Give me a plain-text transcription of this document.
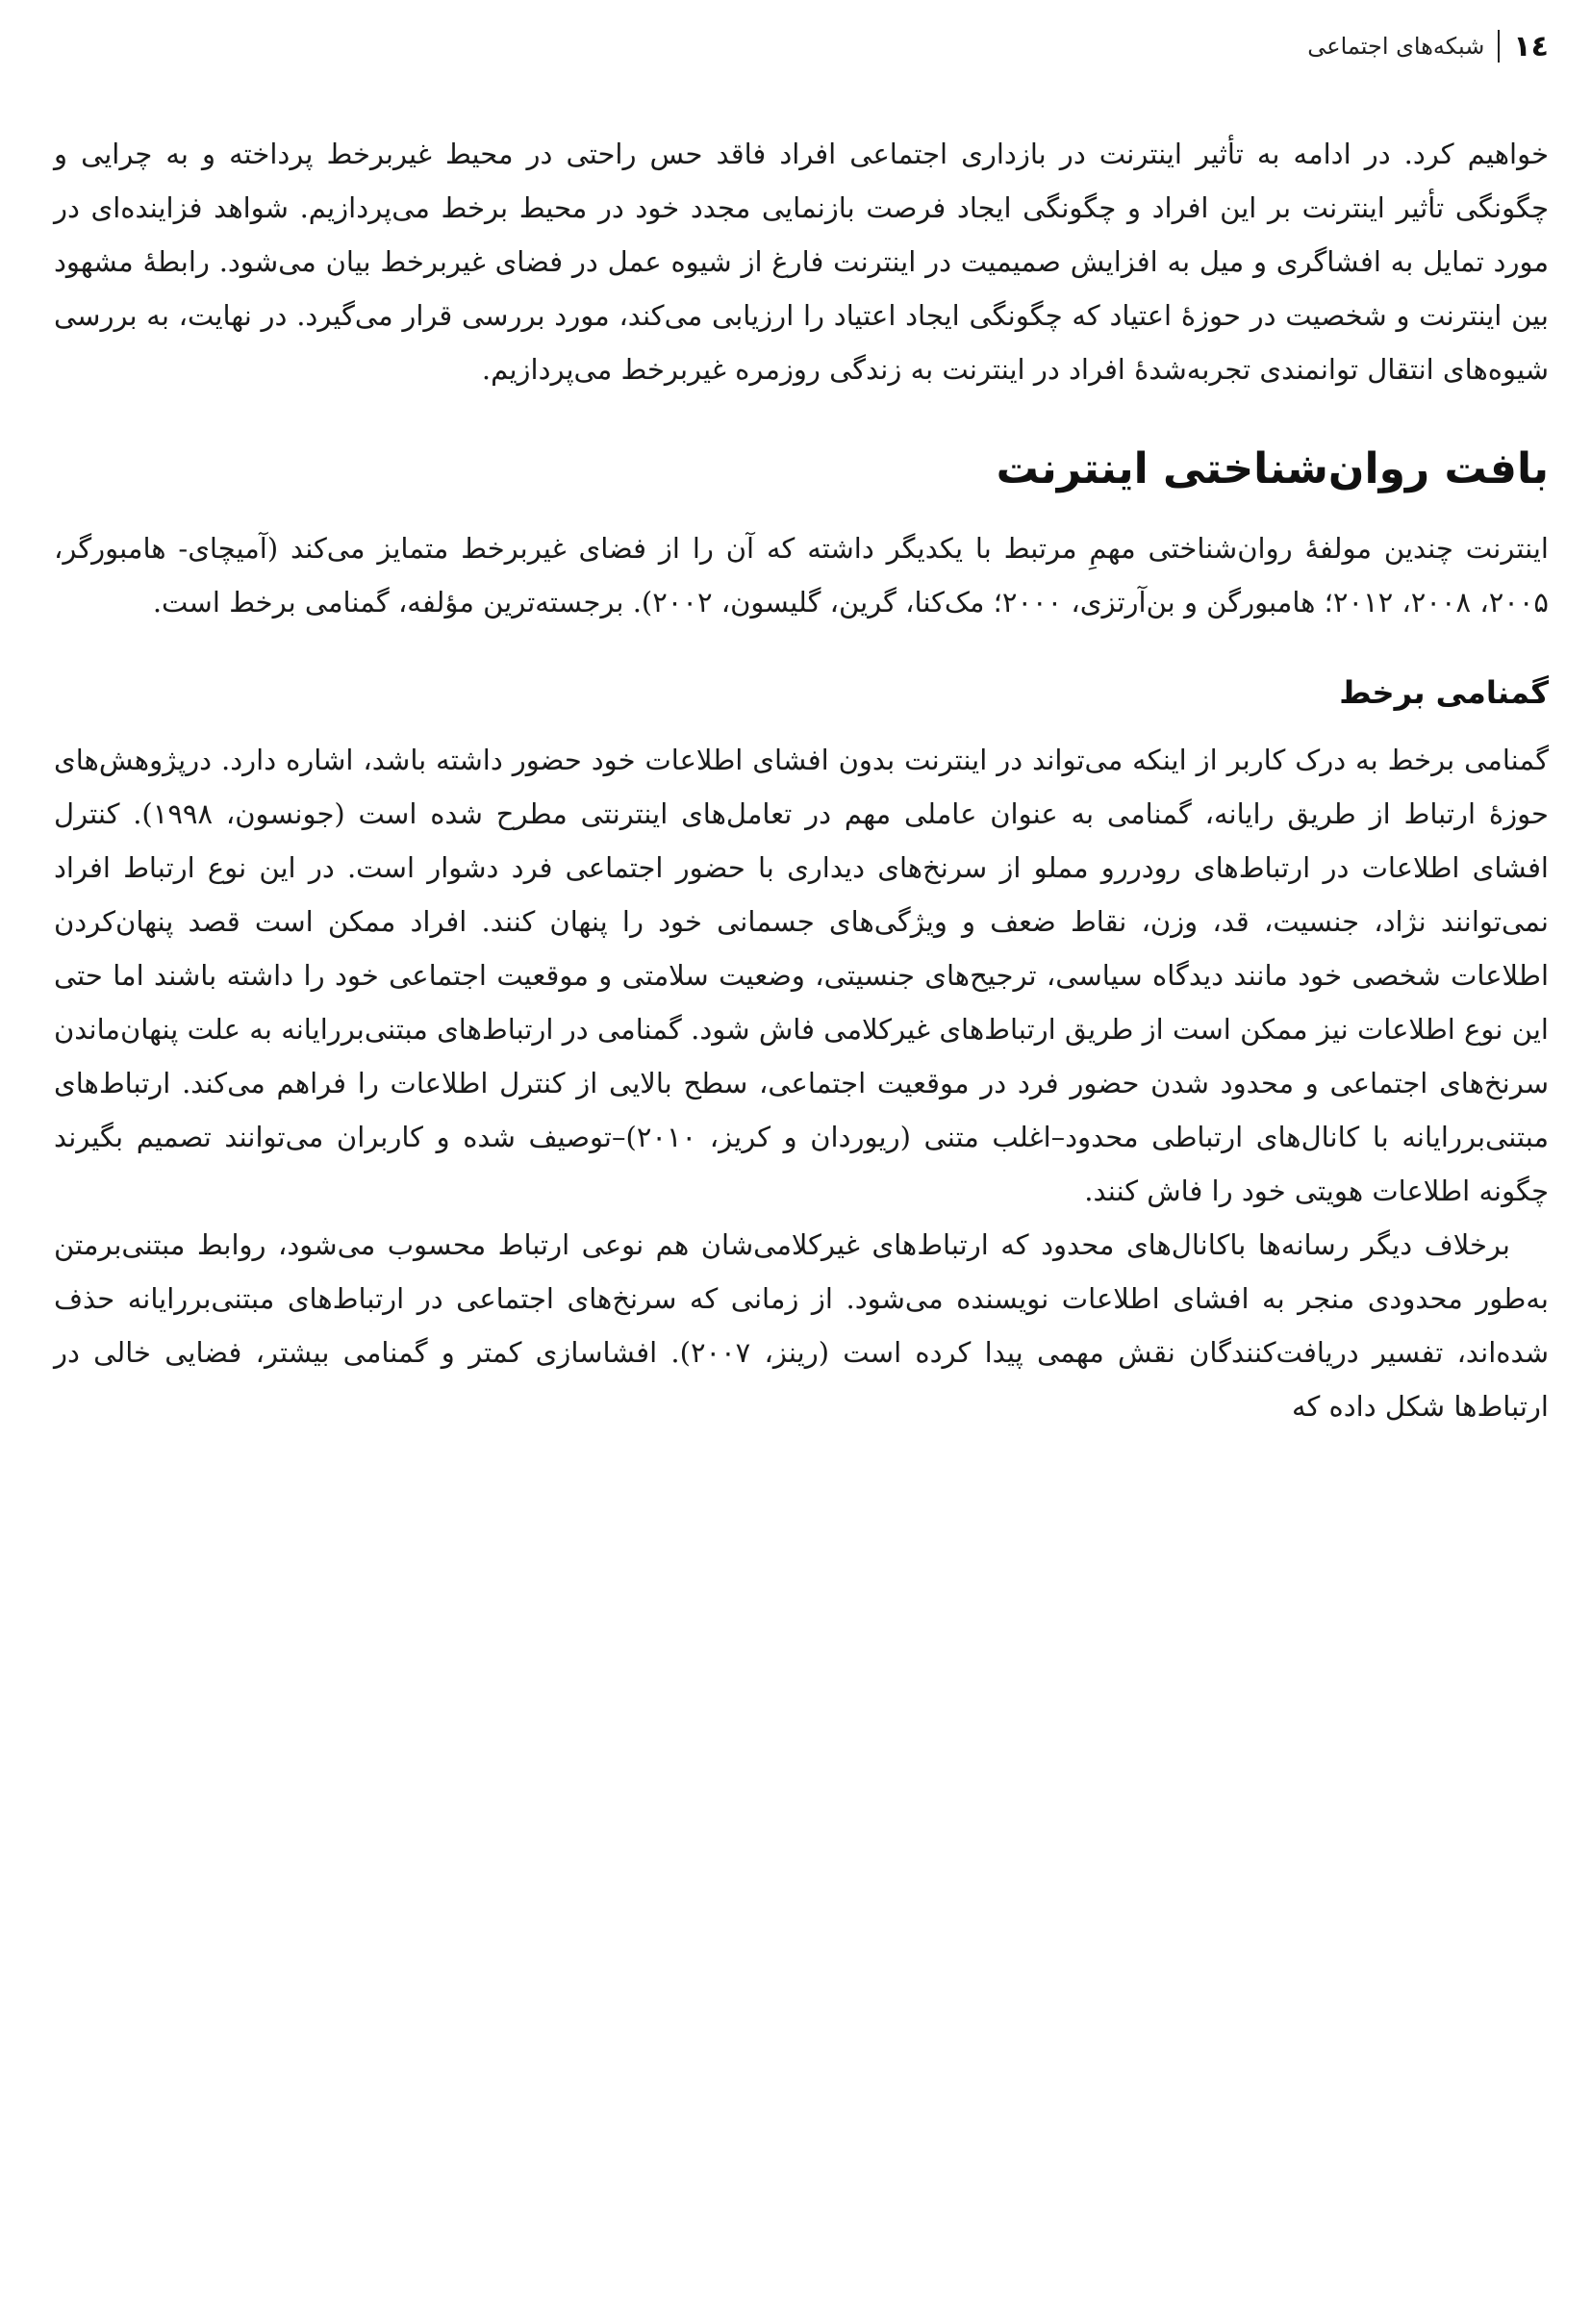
١٤
شبکه‌های اجتماعی

خواهیم کرد. در ادامه به تأثیر اینترنت در بازداری اجتماعی افراد فاقد حس راحتی در محیط غیربرخط پرداخته و به چرایی و چگونگی تأثیر اینترنت بر این افراد و چگونگی ایجاد فرصت بازنمایی مجدد خود در محیط برخط می‌پردازیم. شواهد فزاینده‌ای در مورد تمایل به افشاگری و میل به افزایش صمیمیت در اینترنت فارغ از شیوه عمل در فضای غیربرخط بیان می‌شود. رابطهٔ مشهود بین اینترنت و شخصیت در حوزهٔ اعتیاد که چگونگی ایجاد اعتیاد را ارزیابی می‌کند، مورد بررسی قرار می‌گیرد. در نهایت، به بررسی شیوه‌های انتقال توانمندی تجربه‌شدهٔ افراد در اینترنت به زندگی روزمره غیربرخط می‌پردازیم.

بافت روان‌شناختی اینترنت

اینترنت چندین مولفهٔ روان‌شناختی مهمِ مرتبط با یکدیگر داشته که آن را از فضای غیربرخط متمایز می‌کند (آمیچای- هامبورگر، ۲۰۰۵، ۲۰۰۸، ۲۰۱۲؛ هامبورگن و بن‌آرتزی، ۲۰۰۰؛ مک‌کنا، گرین، گلیسون، ۲۰۰۲). برجسته‌ترین مؤلفه، گمنامی برخط است.

گمنامی برخط

گمنامی برخط به درک کاربر از اینکه می‌تواند در اینترنت بدون افشای اطلاعات خود حضور داشته باشد، اشاره دارد. درپژوهش‌های حوزهٔ ارتباط از طریق رایانه، گمنامی به عنوان عاملی مهم در تعامل‌های اینترنتی مطرح شده است (جونسون، ۱۹۹۸). کنترل افشای اطلاعات در ارتباط‌های رودررو مملو از سرنخ‌های دیداری با حضور اجتماعی فرد دشوار است. در این نوع ارتباط افراد نمی‌توانند نژاد، جنسیت، قد، وزن، نقاط ضعف و ویژگی‌های جسمانی خود را پنهان کنند. افراد ممکن است قصد پنهان‌کردن اطلاعات شخصی خود مانند دیدگاه سیاسی، ترجیح‌های جنسیتی، وضعیت سلامتی و موقعیت اجتماعی خود را داشته باشند اما حتی این نوع اطلاعات نیز ممکن است از طریق ارتباط‌های غیرکلامی فاش شود. گمنامی در ارتباط‌های مبتنی‌بررایانه به علت پنهان‌ماندن سرنخ‌های اجتماعی و محدود شدن حضور فرد در موقعیت اجتماعی، سطح بالایی از کنترل اطلاعات را فراهم می‌کند. ارتباط‌های مبتنی‌بررایانه با کانال‌های ارتباطی محدود–اغلب متنی (ریوردان و کریز، ۲۰۱۰)–توصیف شده و کاربران می‌توانند تصمیم بگیرند چگونه اطلاعات هویتی خود را فاش کنند.

برخلاف دیگر رسانه‌ها باکانال‌های محدود که ارتباط‌های غیرکلامی‌شان هم نوعی ارتباط محسوب می‌شود، روابط مبتنی‌برمتن به‌طور محدودی منجر به افشای اطلاعات نویسنده می‌شود. از زمانی که سرنخ‌های اجتماعی در ارتباط‌های مبتنی‌بررایانه حذف شده‌اند، تفسیر دریافت‌کنندگان نقش مهمی پیدا کرده است (رینز، ۲۰۰۷). افشاسازی کمتر و گمنامی بیشتر، فضایی خالی در ارتباط‌ها شکل داده که
